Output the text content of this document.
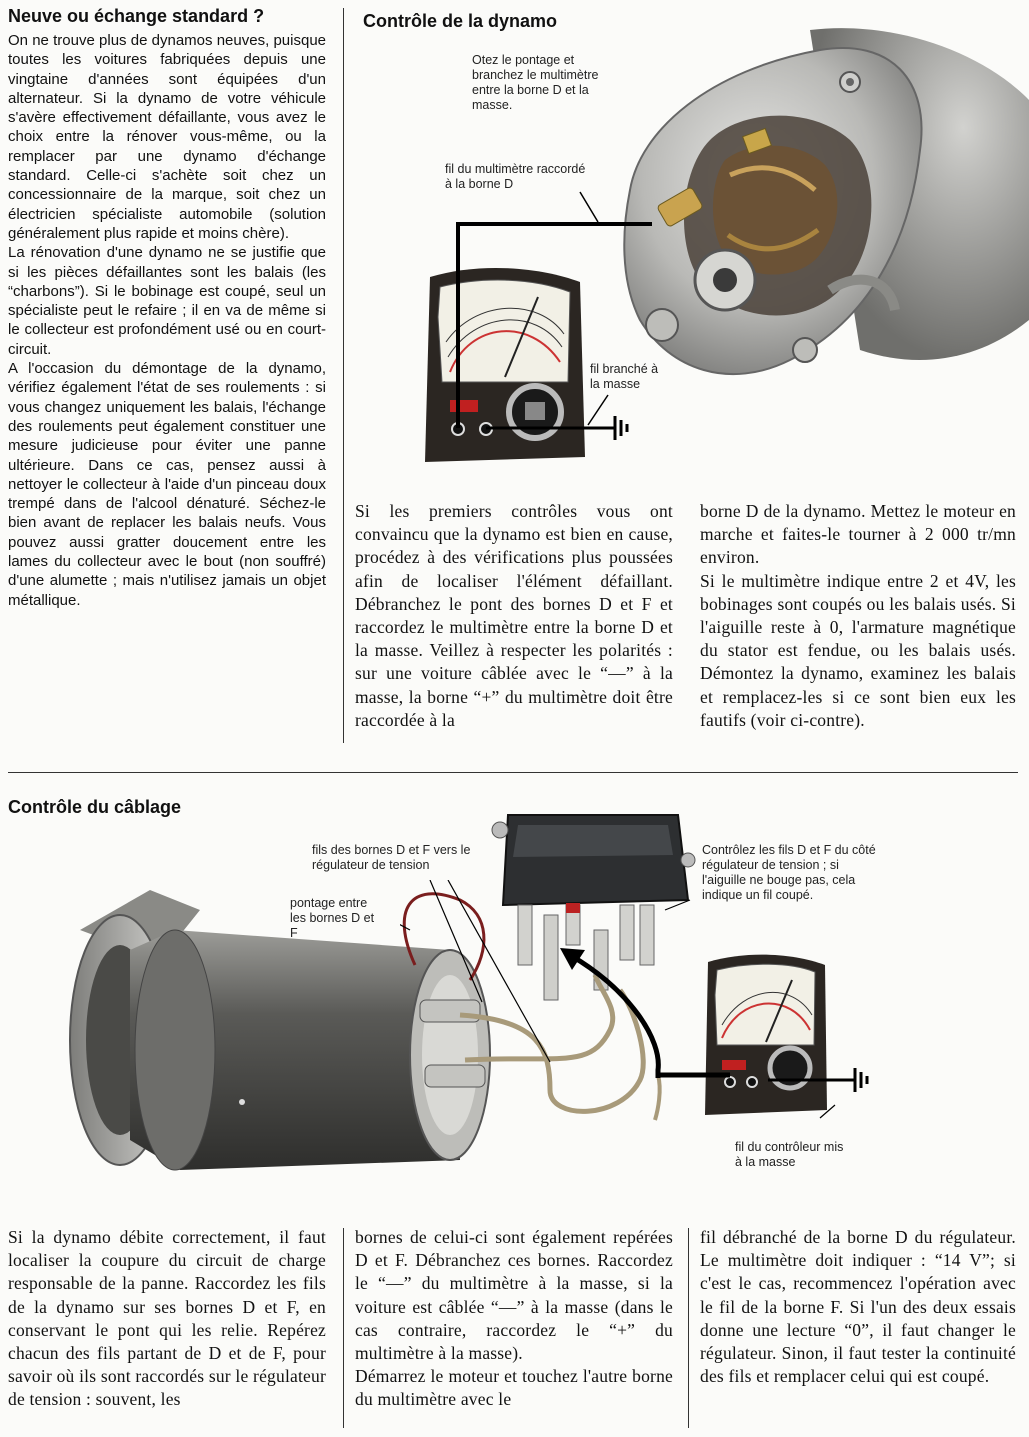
Neuve ou échange standard ?

On ne trouve plus de dynamos neuves, puisque toutes les voitures fabriquées depuis une vingtaine d'années sont équipées d'un alternateur. Si la dynamo de votre véhicule s'avère effectivement défaillante, vous avez le choix entre la rénover vous-même, ou la remplacer par une dynamo d'échange standard. Celle-ci s'achète soit chez un concessionnaire de la marque, soit chez un électricien spécialiste automobile (solution généralement plus rapide et moins chère).

La rénovation d'une dynamo ne se justifie que si les pièces défaillantes sont les balais (les “charbons”). Si le bobinage est coupé, seul un spécialiste peut le refaire ; il en va de même si le collecteur est profondément usé ou en court-circuit.

A l'occasion du démontage de la dynamo, vérifiez également l'état de ses roulements : si vous changez uniquement les balais, l'échange des roulements peut également constituer une mesure judicieuse pour éviter une panne ultérieure. Dans ce cas, pensez aussi à nettoyer le collecteur à l'aide d'un pinceau doux trempé dans de l'alcool dénaturé. Séchez-le bien avant de replacer les balais neufs. Vous pouvez aussi gratter doucement entre les lames du collecteur avec le bout (non souffré) d'une alumette ; mais n'utilisez jamais un objet métallique.

Contrôle de la dynamo
Otez le pontage et branchez le multimètre entre la borne D et la masse.
fil du multimètre raccordé à la borne D
fil branché à la masse

Si les premiers contrôles vous ont convaincu que la dynamo est bien en cause, procédez à des vérifications plus poussées afin de localiser l'élément défaillant. Débranchez le pont des bornes D et F et raccordez le multimètre entre la borne D et la masse. Veillez à respecter les polarités : sur une voiture câblée avec le “—” à la masse, la borne “+” du multimètre doit être raccordée à la

borne D de la dynamo. Mettez le moteur en marche et faites-le tourner à 2 000 tr/mn environ.

Si le multimètre indique entre 2 et 4V, les bobinages sont coupés ou les balais usés. Si l'aiguille reste à 0, l'armature magnétique du stator est fendue, ou les balais usés. Démontez la dynamo, examinez les balais et remplacez-les si ce sont bien eux les fautifs (voir ci-contre).

Contrôle du câblage
fils des bornes D et F vers le régulateur de tension
pontage entre les bornes D et F
Contrôlez les fils D et F du côté régulateur de tension ; si l'aiguille ne bouge pas, cela indique un fil coupé.
fil du contrôleur mis à la masse

Si la dynamo débite correctement, il faut localiser la coupure du circuit de charge responsable de la panne. Raccordez les fils de la dynamo sur ses bornes D et F, en conservant le pont qui les relie. Repérez chacun des fils partant de D et de F, pour savoir où ils sont raccordés sur le régulateur de tension : souvent, les

bornes de celui-ci sont également repérées D et F. Débranchez ces bornes. Raccordez le “—” du multimètre à la masse, si la voiture est câblée “—” à la masse (dans le cas contraire, raccordez le “+” du multimètre à la masse).

Démarrez le moteur et touchez l'autre borne du multimètre avec le

fil débranché de la borne D du régulateur. Le multimètre doit indiquer : “14 V”; si c'est le cas, recommencez l'opération avec le fil de la borne F. Si l'un des deux essais donne une lecture “0”, il faut changer le régulateur. Sinon, il faut tester la continuité des fils et remplacer celui qui est coupé.
